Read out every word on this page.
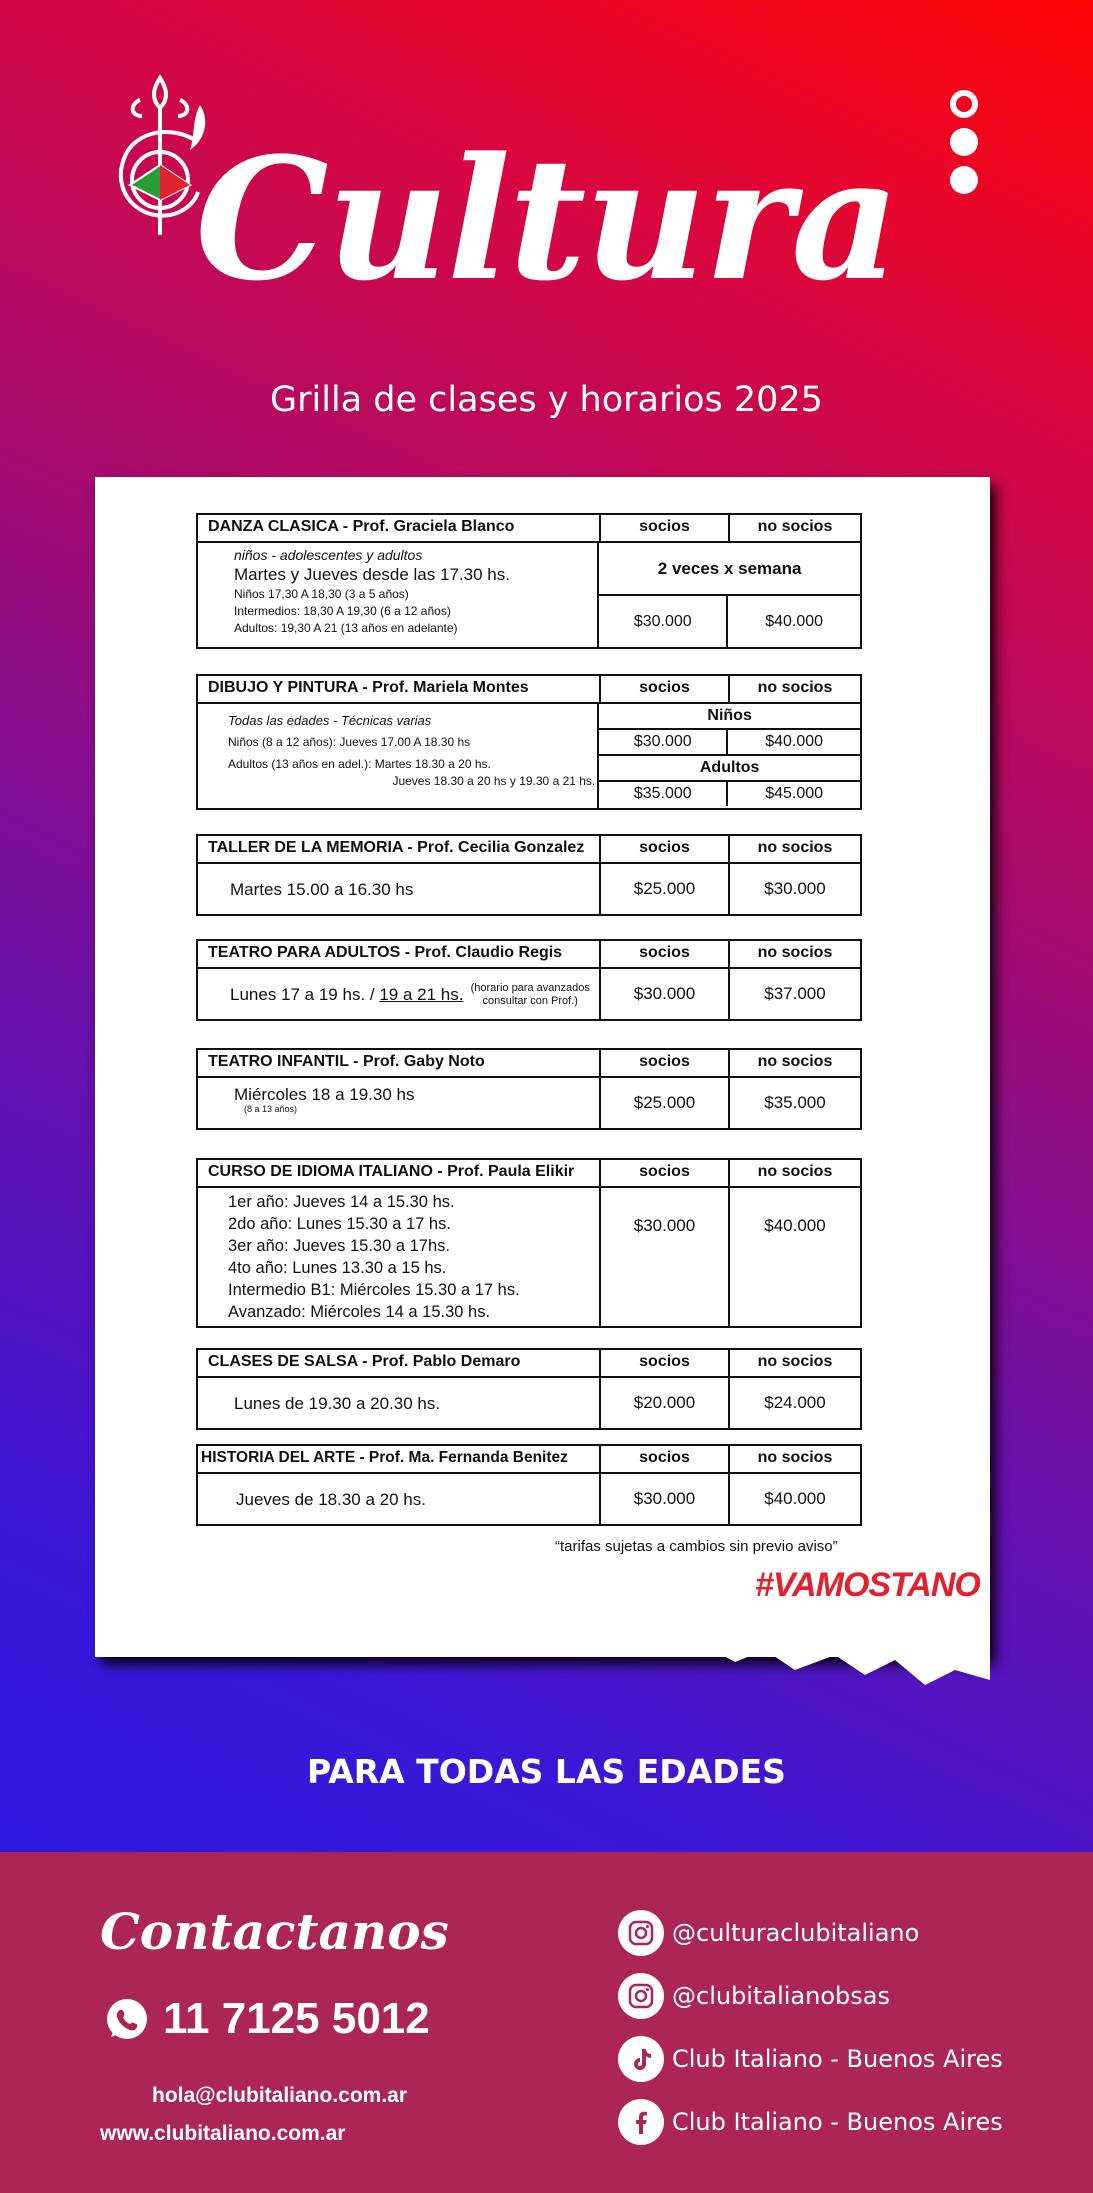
Cultura
Grilla de clases y horarios 2025
DANZA CLASICA - Prof. Graciela Blanco	socios	no socios
niños - adolescentes y adultos
Martes y Jueves desde las 17.30 hs.
Niños 17,30 A 18,30 (3 a 5 años)
Intermedios: 18,30 A 19,30 (6 a 12 años)
Adultos: 19,30 A 21 (13 años en adelante)
2 veces x semana
$30.000	$40.000
DIBUJO Y PINTURA - Prof. Mariela Montes	socios	no socios
Todas las edades - Técnicas varias
Niños (8 a 12 años): Jueves 17.00 A 18.30 hs
Adultos (13 años en adel.): Martes 18.30 a 20 hs.
Jueves 18.30 a 20 hs y 19.30 a 21 hs.
Niños
$30.000	$40.000
Adultos
$35.000	$45.000
TALLER DE LA MEMORIA - Prof. Cecilia Gonzalez	socios	no socios
Martes 15.00 a 16.30 hs	$25.000	$30.000
TEATRO PARA ADULTOS - Prof. Claudio Regis	socios	no socios
Lunes 17 a 19 hs. / 19 a 21 hs. (horario para avanzados consultar con Prof.)	$30.000	$37.000
TEATRO INFANTIL - Prof. Gaby Noto	socios	no socios
Miércoles 18 a 19.30 hs
(8 a 13 años)	$25.000	$35.000
CURSO DE IDIOMA ITALIANO - Prof. Paula Elikir	socios	no socios
1er año: Jueves 14 a 15.30 hs.
2do año: Lunes 15.30 a 17 hs.
3er año: Jueves 15.30 a 17hs.
4to año: Lunes 13.30 a 15 hs.
Intermedio B1: Miércoles 15.30 a 17 hs.
Avanzado: Miércoles 14 a 15.30 hs.
$30.000	$40.000
CLASES DE SALSA - Prof. Pablo Demaro	socios	no socios
Lunes de 19.30 a 20.30 hs.	$20.000	$24.000
HISTORIA DEL ARTE - Prof. Ma. Fernanda Benitez	socios	no socios
Jueves de 18.30 a 20 hs.	$30.000	$40.000
“tarifas sujetas a cambios sin previo aviso”
#VAMOSTANO
PARA TODAS LAS EDADES
Contactanos
11 7125 5012
hola@clubitaliano.com.ar
www.clubitaliano.com.ar
@culturaclubitaliano
@clubitalianobsas
Club Italiano - Buenos Aires
Club Italiano - Buenos Aires
